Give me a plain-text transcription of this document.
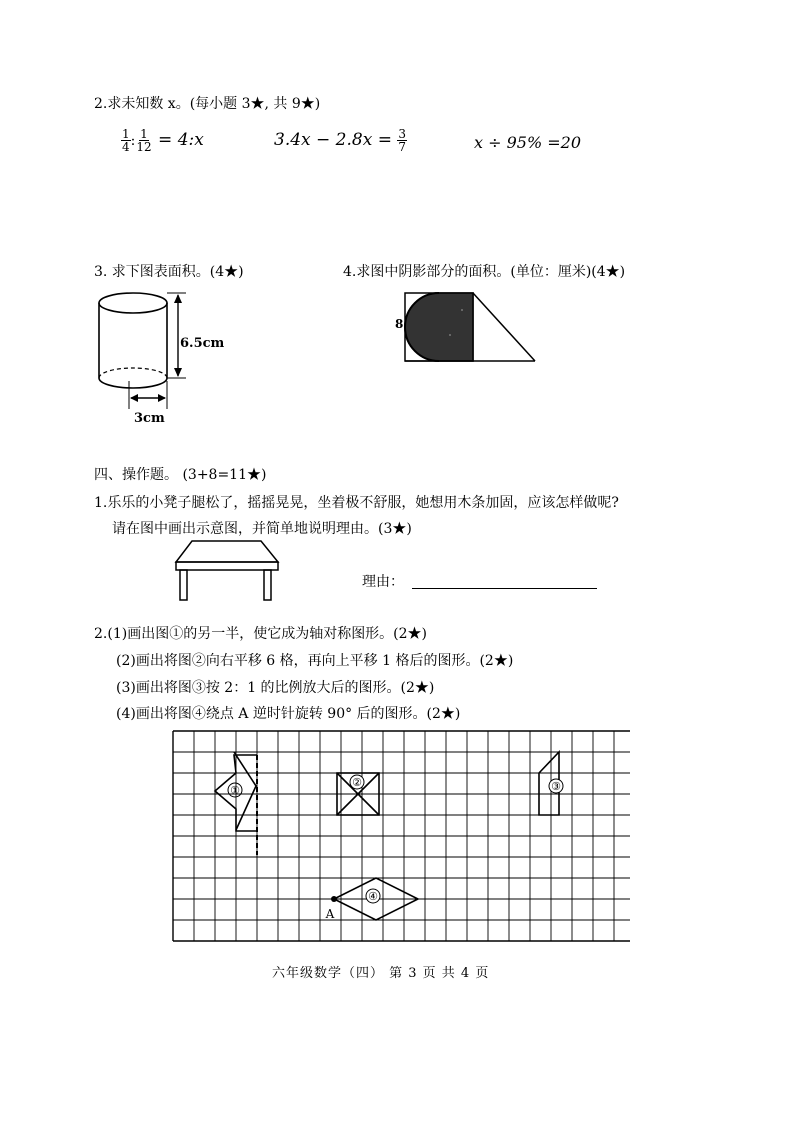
2.求未知数 x。(每小题 3★, 共 9★)
$\frac{1}{4}$ : $\frac{1}{12}$ = 4:x	$3.4x - 2.8x = \frac{3}{7}$	x ÷ 95% =20
3. 求下图表面积。(4★)	4.求图中阴影部分的面积。(单位：厘米)(4★)
6.5cm
3cm
8
四、操作题。 (3+8=11★)
1.乐乐的小凳子腿松了，摇摇晃晃，坐着极不舒服，她想用木条加固，应该怎样做呢?
请在图中画出示意图，并简单地说明理由。(3★)
理由：
2.(1)画出图①的另一半，使它成为轴对称图形。(2★)
(2)画出将图②向右平移 6 格，再向上平移 1 格后的图形。(2★)
(3)画出将图③按 2：1 的比例放大后的图形。(2★)
(4)画出将图④绕点 A 逆时针旋转 90° 后的图形。(2★)
①
②	③
④
A
六年级数学（四） 第 3 页 共 4 页
